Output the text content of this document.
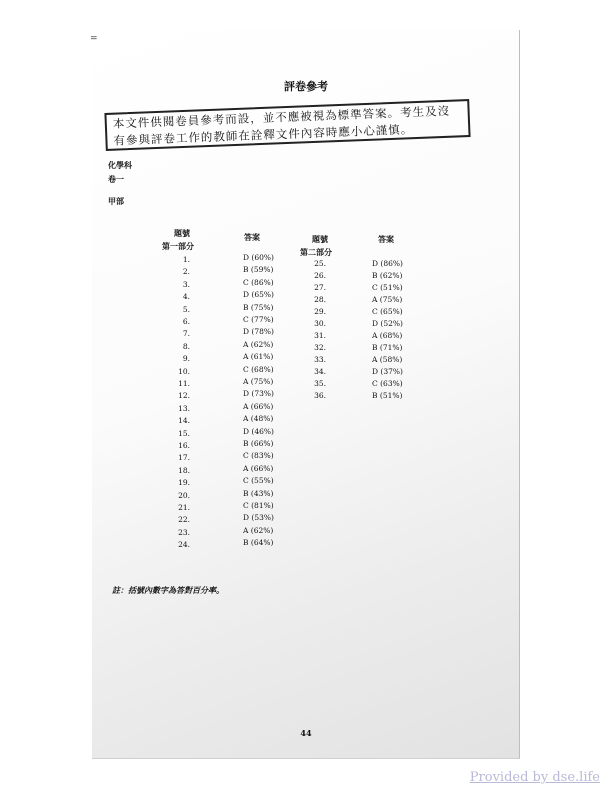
=
評卷參考
本文件供閱卷員參考而設，並不應被視為標準答案。考生及沒有參與評卷工作的教師在詮釋文件內容時應小心謹慎。
化學科
卷一
甲部
題號
第一部分
答案	題號
第二部分
答案
1.	D (60%)
2.	B (59%)
3.	C (86%)
4.	D (65%)
5.	B (75%)
6.	C (77%)
7.	D (78%)
8.	A (62%)
9.	A (61%)
10.	C (68%)
11.	A (75%)
12.	D (73%)
13.	A (66%)
14.	A (48%)
15.	D (46%)
16.	B (66%)
17.	C (83%)
18.	A (66%)
19.	C (55%)
20.	B (43%)
21.	C (81%)
22.	D (53%)
23.	A (62%)
24.	B (64%)
25.	D (86%)
26.	B (62%)
27.	C (51%)
28.	A (75%)
29.	C (65%)
30.	D (52%)
31.	A (68%)
32.	B (71%)
33.	A (58%)
34.	D (37%)
35.	C (63%)
36.	B (51%)
註：括號內數字為答對百分率。
44
Provided by dse.life
